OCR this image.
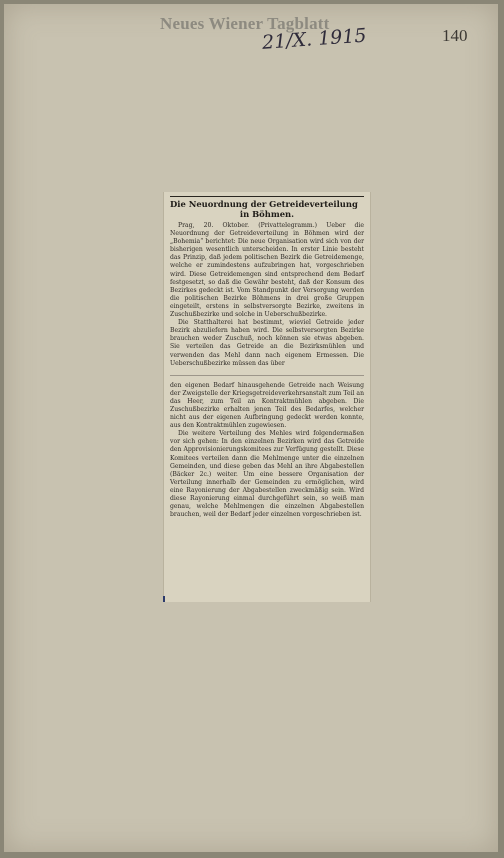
Neues Wiener Tagblatt
21/X. 1915	140
Die Neuordnung der Getreideverteilung
in Böhmen.

Prag, 20. Oktober. (Privattelegramm.) Ueber die Neuordnung der Getreideverteilung in Böhmen wird der „Bohemia“ berichtet: Die neue Organisation wird sich von der bisherigen wesentlich unterscheiden. In erster Linie besteht das Prinzip, daß jedem politischen Bezirk die Getreidemenge, welche er zumindestens aufzubringen hat, vorgeschrieben wird. Diese Getreidemengen sind entsprechend dem Bedarf festgesetzt, so daß die Gewähr besteht, daß der Konsum des Bezirkes gedeckt ist. Vom Standpunkt der Versorgung werden die politischen Bezirke Böhmens in drei große Gruppen eingeteilt, erstens in selbstversorgte Bezirke, zweitens in Zuschußbezirke und solche in Ueberschußbezirke.

Die Statthalterei hat bestimmt, wieviel Getreide jeder Bezirk abzuliefern haben wird. Die selbstversorgten Bezirke brauchen weder Zuschuß, noch können sie etwas abgeben. Sie verteilen das Getreide an die Bezirksmühlen und verwenden das Mehl dann nach eigenem Ermessen. Die Ueberschußbezirke müssen das über

den eigenen Bedarf hinausgehende Getreide nach Weisung der Zweigstelle der Kriegsgetreideverkehrsanstalt zum Teil an das Heer, zum Teil an Kontraktmühlen abgeben. Die Zuschußbezirke erhalten jenen Teil des Bedarfes, welcher nicht aus der eigenen Aufbringung gedeckt werden konnte, aus den Kontraktmühlen zugewiesen.

Die weitere Verteilung des Mehles wird folgendermaßen vor sich gehen: In den einzelnen Bezirken wird das Getreide den Approvisionierungskomitees zur Verfügung gestellt. Diese Komitees verteilen dann die Mehlmenge unter die einzelnen Gemeinden, und diese geben das Mehl an ihre Abgabestellen (Bäcker 2c.) weiter. Um eine bessere Organisation der Verteilung innerhalb der Gemeinden zu ermöglichen, wird eine Rayonierung der Abgabestellen zweckmäßig sein. Wird diese Rayonierung einmal durchgeführt sein, so weiß man genau, welche Mehlmengen die einzelnen Abgabestellen brauchen, weil der Bedarf jeder einzelnen vorgeschrieben ist.
